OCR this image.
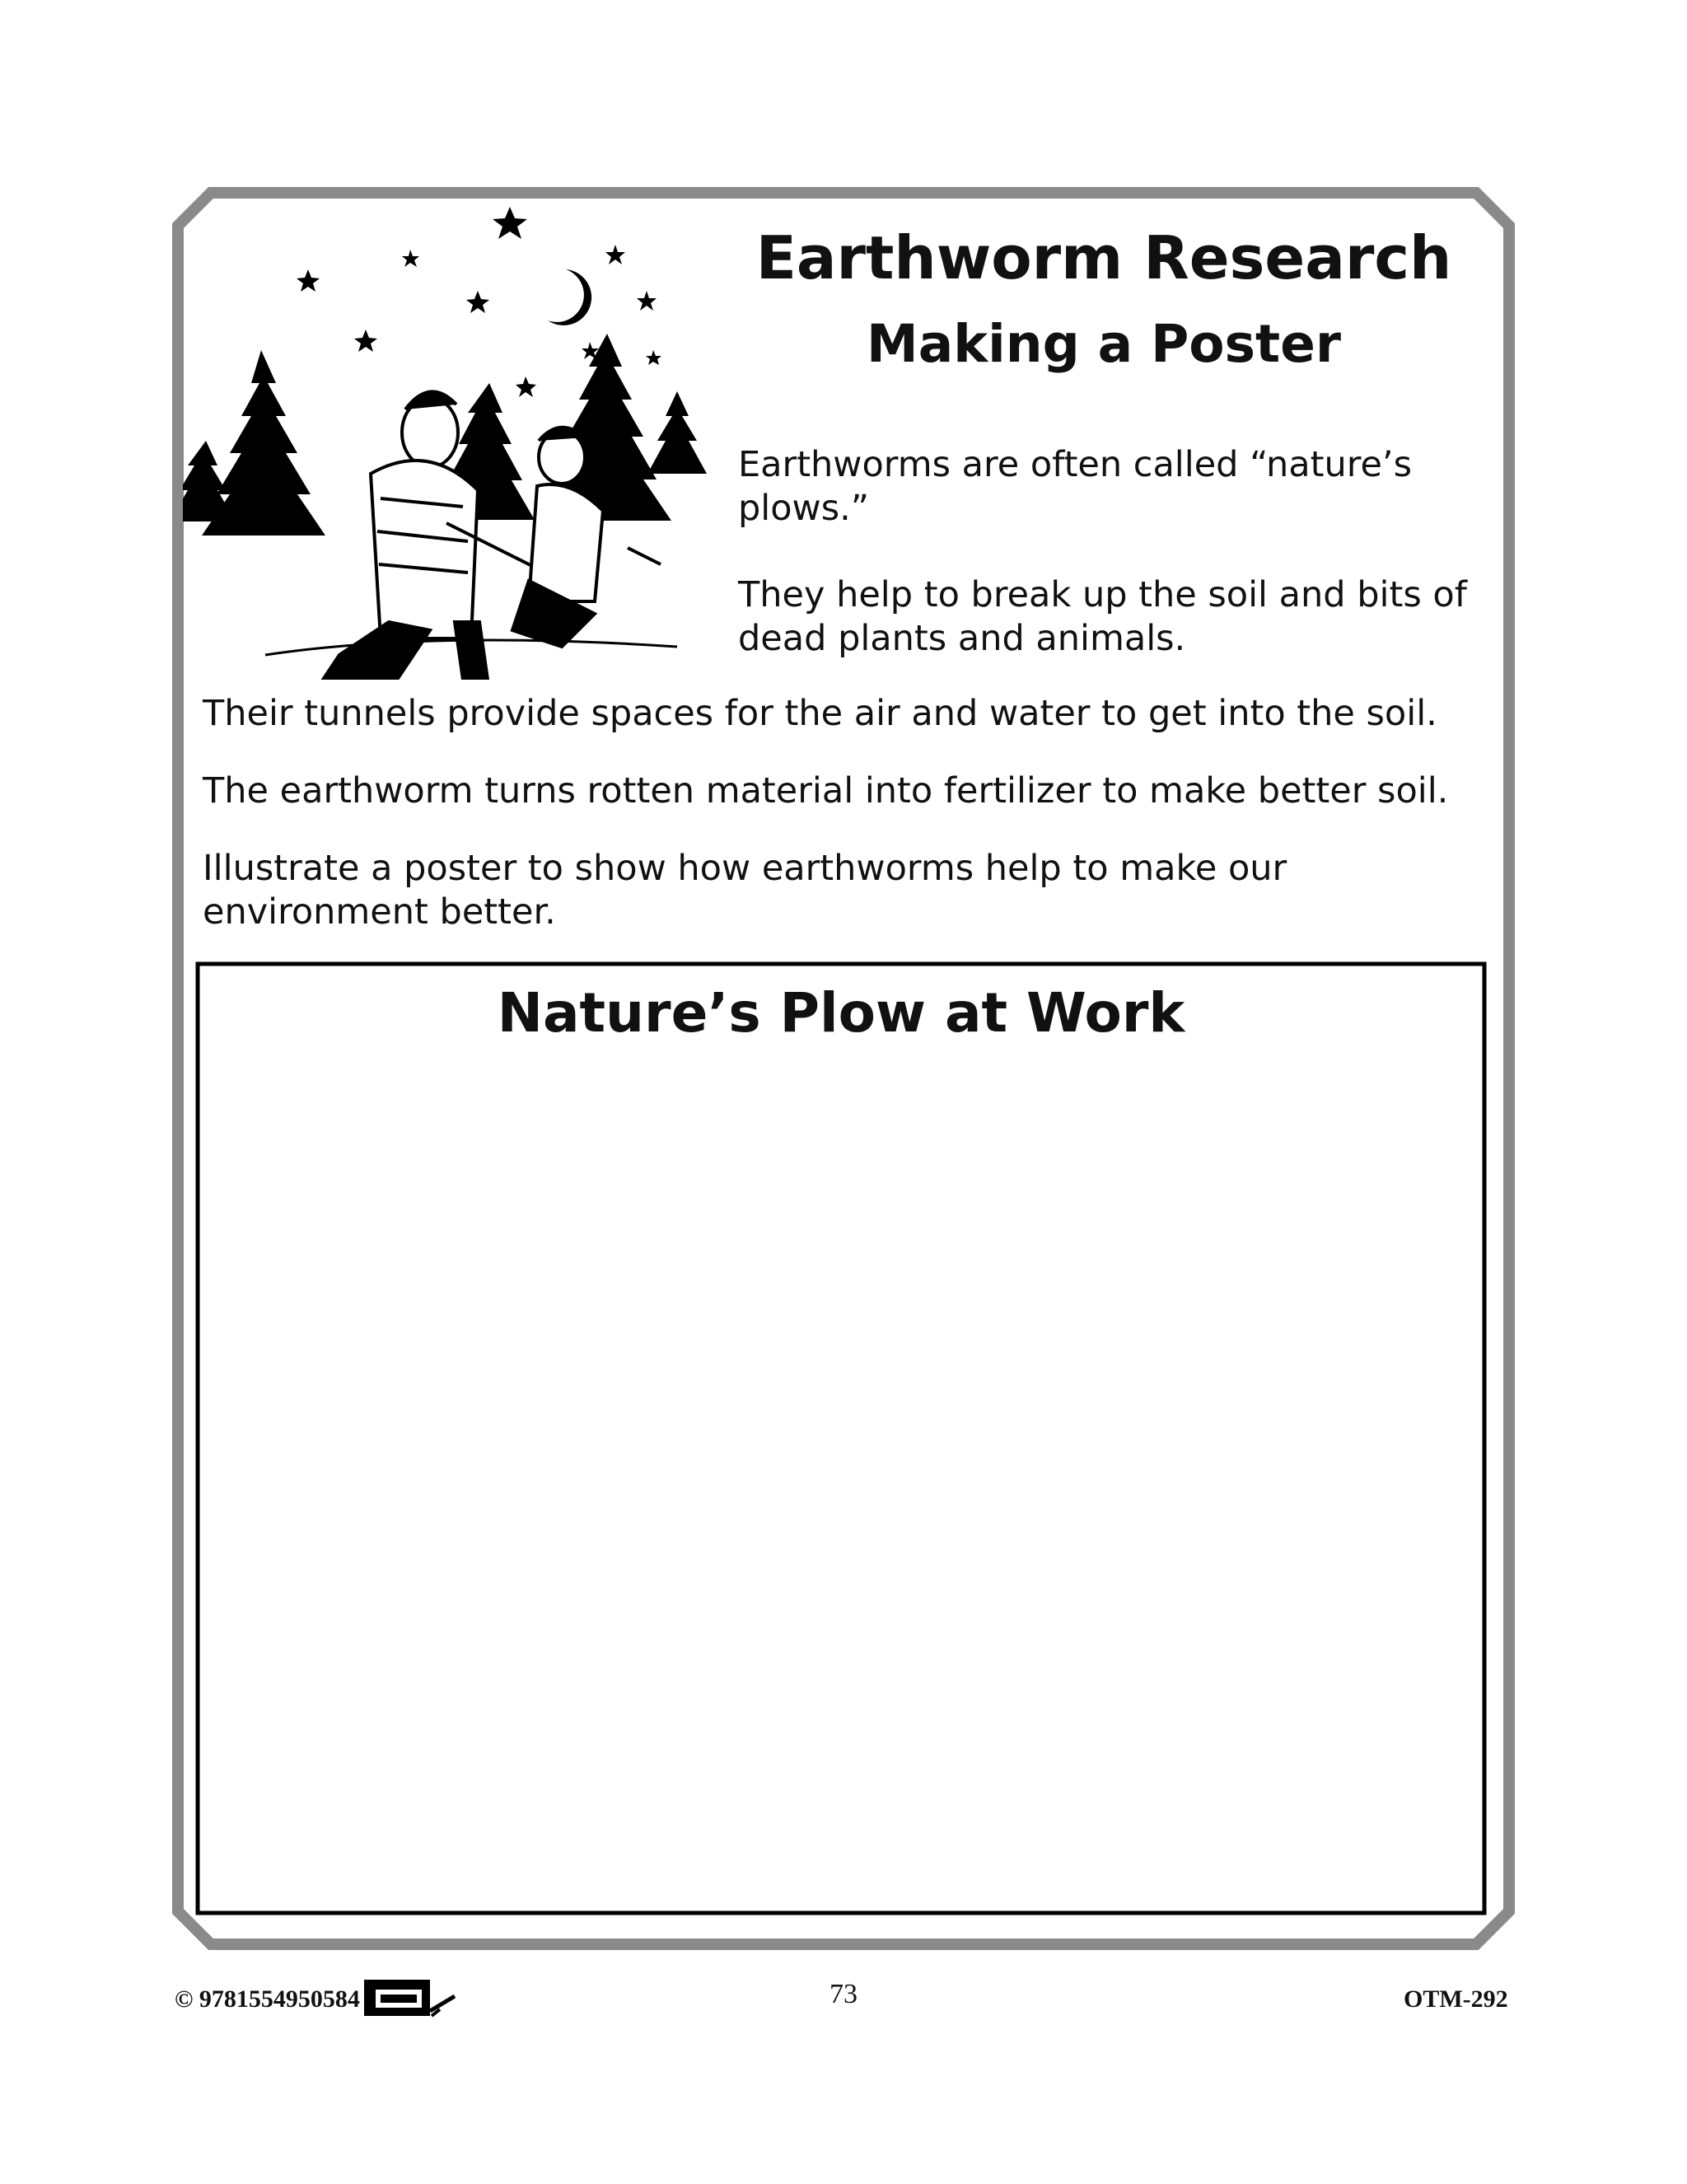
Earthworm Research
Making a Poster

Earthworms are often called “nature’s plows.”

They help to break up the soil and bits of dead plants and animals.

Their tunnels provide spaces for the air and water to get into the soil.

The earthworm turns rotten material into fertilizer to make better soil.

Illustrate a poster to show how earthworms help to make our environment better.

Nature’s Plow at Work
© 9781554950584	73	OTM-292
